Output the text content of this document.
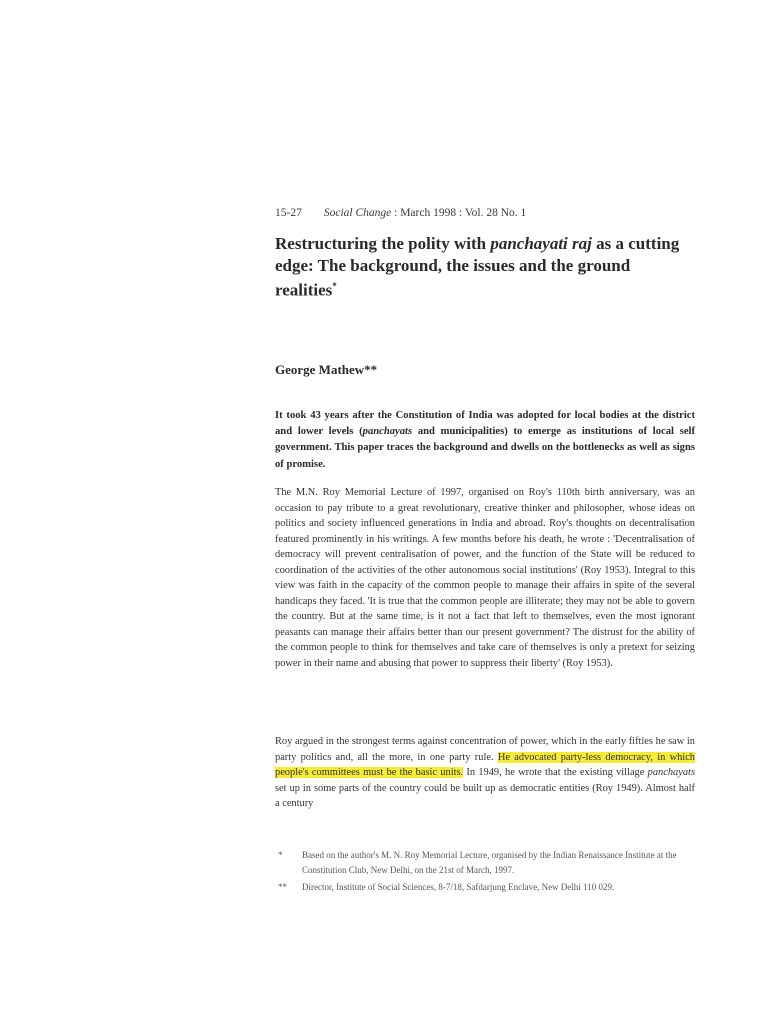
15-27 Social Change : March 1998 : Vol. 28 No. 1
Restructuring the polity with panchayati raj as a cutting edge: The background, the issues and the ground realities*
George Mathew**

It took 43 years after the Constitution of India was adopted for local bodies at the district and lower levels (panchayats and municipalities) to emerge as institutions of local self government. This paper traces the background and dwells on the bottlenecks as well as signs of promise.

The M.N. Roy Memorial Lecture of 1997, organised on Roy's 110th birth anniversary, was an occasion to pay tribute to a great revolutionary, creative thinker and philosopher, whose ideas on politics and society influenced generations in India and abroad. Roy's thoughts on decentralisation featured prominently in his writings. A few months before his death, he wrote : 'Decentralisation of democracy will prevent centralisation of power, and the function of the State will be reduced to coordination of the activities of the other autonomous social institutions' (Roy 1953). Integral to this view was faith in the capacity of the common people to manage their affairs in spite of the several handicaps they faced. 'It is true that the common people are illiterate; they may not be able to govern the country. But at the same time, is it not a fact that left to themselves, even the most ignorant peasants can manage their affairs better than our present government? The distrust for the ability of the common people to think for themselves and take care of themselves is only a pretext for seizing power in their name and abusing that power to suppress their liberty' (Roy 1953).

Roy argued in the strongest terms against concentration of power, which in the early fifties he saw in party politics and, all the more, in one party rule. He advocated party-less democracy, in which people's committees must be the basic units. In 1949, he wrote that the existing village panchayats set up in some parts of the country could be built up as democratic entities (Roy 1949). Almost half a century

*	Based on the author's M. N. Roy Memorial Lecture, organised by the Indian Renaissance Institute at the Constitution Club, New Delhi, on the 21st of March, 1997.
**	Director, Institute of Social Sciences, 8-7/18, Safdarjung Enclave, New Delhi 110 029.
